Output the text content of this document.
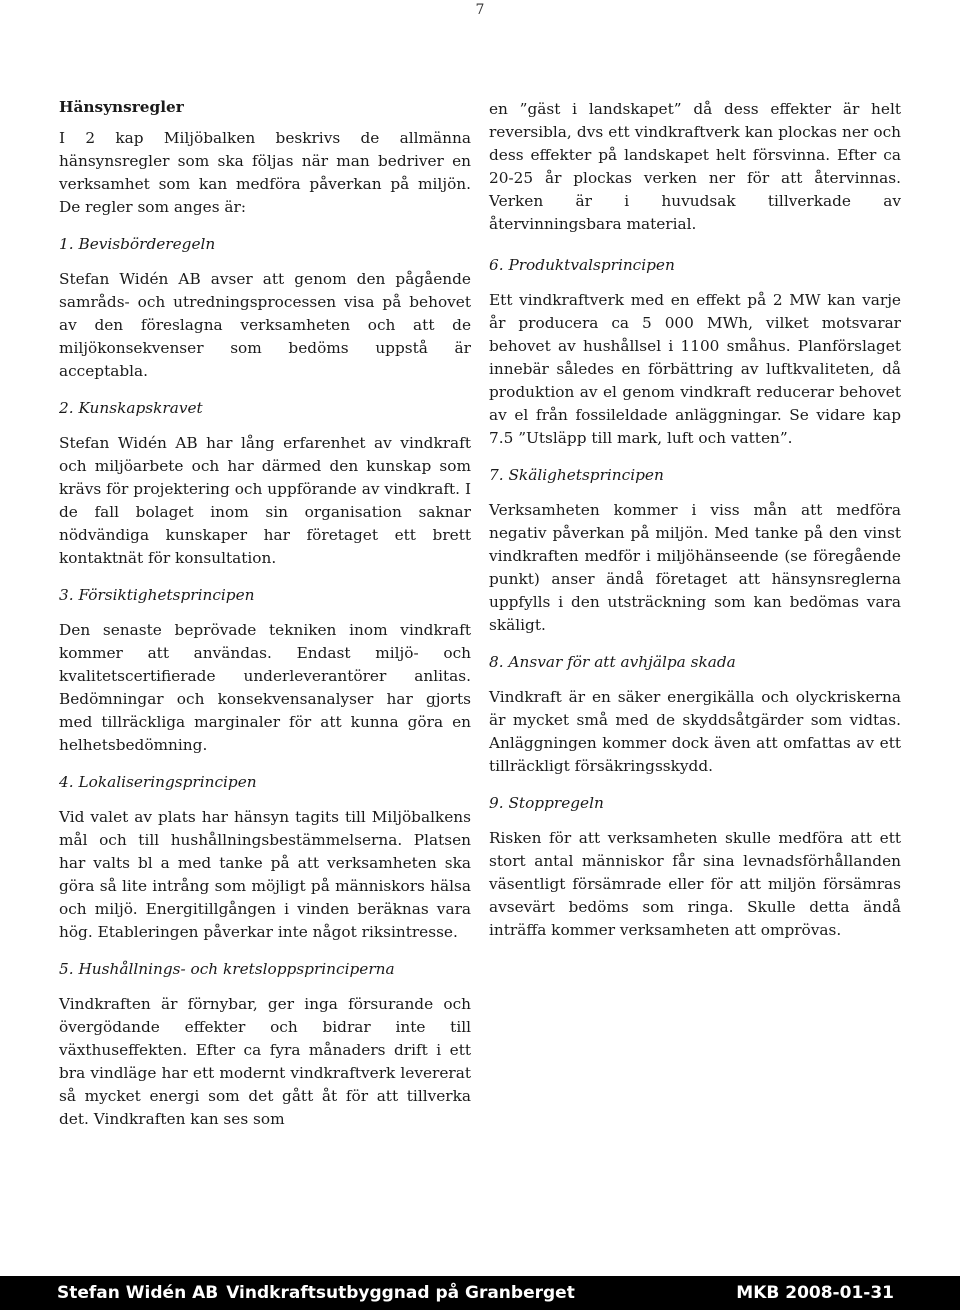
7
Hänsynsregler

I 2 kap Miljöbalken beskrivs de allmänna hänsynsregler som ska följas när man bedriver en verksamhet som kan medföra påverkan på miljön. De regler som anges är:

1. Bevisbörderegeln

Stefan Widén AB avser att genom den pågående samråds- och utredningsprocessen visa på behovet av den föreslagna verksamheten och att de miljökonsekvenser som bedöms uppstå är acceptabla.

2. Kunskapskravet

Stefan Widén AB har lång erfarenhet av vindkraft och miljöarbete och har därmed den kunskap som krävs för projektering och uppförande av vindkraft. I de fall bolaget inom sin organisation saknar nödvändiga kunskaper har företaget ett brett kontaktnät för konsultation.

3. Försiktighetsprincipen

Den senaste beprövade tekniken inom vindkraft kommer att användas. Endast miljö- och kvalitetscertifierade underleverantörer anlitas. Bedömningar och konsekvensanalyser har gjorts med tillräckliga marginaler för att kunna göra en helhetsbedömning.

4. Lokaliseringsprincipen

Vid valet av plats har hänsyn tagits till Miljöbalkens mål och till hushållningsbestämmelserna. Platsen har valts bl a med tanke på att verksamheten ska göra så lite intrång som möjligt på människors hälsa och miljö. Energitillgången i vinden beräknas vara hög. Etableringen påverkar inte något riksintresse.

5. Hushållnings- och kretsloppsprinciperna

Vindkraften är förnybar, ger inga försurande och övergödande effekter och bidrar inte till växthuseffekten. Efter ca fyra månaders drift i ett bra vindläge har ett modernt vindkraftverk levererat så mycket energi som det gått åt för att tillverka det. Vindkraften kan ses som

en ”gäst i landskapet” då dess effekter är helt reversibla, dvs ett vindkraftverk kan plockas ner och dess effekter på landskapet helt försvinna. Efter ca 20-25 år plockas verken ner för att återvinnas. Verken är i huvudsak tillverkade av återvinningsbara material.

6. Produktvalsprincipen

Ett vindkraftverk med en effekt på 2 MW kan varje år producera ca 5 000 MWh, vilket motsvarar behovet av hushållsel i 1100 småhus. Planförslaget innebär således en förbättring av luftkvaliteten, då produktion av el genom vindkraft reducerar behovet av el från fossileldade anläggningar. Se vidare kap 7.5 ”Utsläpp till mark, luft och vatten”.

7. Skälighetsprincipen

Verksamheten kommer i viss mån att medföra negativ påverkan på miljön. Med tanke på den vinst vindkraften medför i miljöhänseende (se föregående punkt) anser ändå företaget att hänsynsreglerna uppfylls i den utsträckning som kan bedömas vara skäligt.

8. Ansvar för att avhjälpa skada

Vindkraft är en säker energikälla och olyckriskerna är mycket små med de skyddsåtgärder som vidtas. Anläggningen kommer dock även att omfattas av ett tillräckligt försäkringsskydd.

9. Stoppregeln

Risken för att verksamheten skulle medföra att ett stort antal människor får sina levnadsförhållanden väsentligt försämrade eller för att miljön försämras avsevärt bedöms som ringa. Skulle detta ändå inträffa kommer verksamheten att omprövas.

Stefan Widén AB Vindkraftsutbyggnad på Granberget	MKB 2008-01-31
